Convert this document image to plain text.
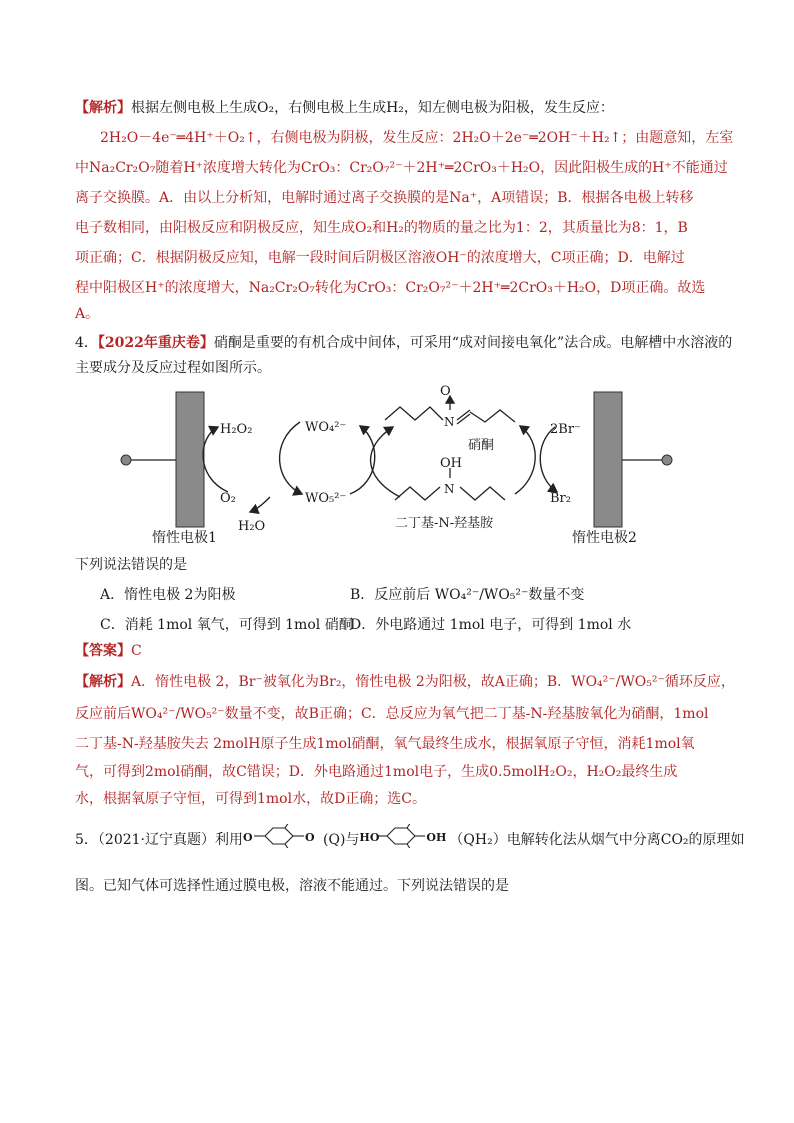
【解析】根据左侧电极上生成O₂，右侧电极上生成H₂，知左侧电极为阳极，发生反应：
2H₂O－4e⁻═4H⁺＋O₂↑，右侧电极为阴极，发生反应：2H₂O＋2e⁻═2OH⁻＋H₂↑；由题意知，左室
中Na₂Cr₂O₇随着H⁺浓度增大转化为CrO₃：Cr₂O₇²⁻＋2H⁺═2CrO₃＋H₂O，因此阳极生成的H⁺不能通过
离子交换膜。A．由以上分析知，电解时通过离子交换膜的是Na⁺，A项错误；B．根据各电极上转移
电子数相同，由阳极反应和阴极反应，知生成O₂和H₂的物质的量之比为1：2，其质量比为8：1，B
项正确；C．根据阴极反应知，电解一段时间后阴极区溶液OH⁻的浓度增大，C项正确；D．电解过
程中阳极区H⁺的浓度增大，Na₂Cr₂O₇转化为CrO₃：Cr₂O₇²⁻＋2H⁺═2CrO₃＋H₂O，D项正确。故选
A。
4．【2022年重庆卷】硝酮是重要的有机合成中间体，可采用“成对间接电氧化”法合成。电解槽中水溶液的
主要成分及反应过程如图所示。
H₂O₂
O₂
H₂O
WO₄²⁻
WO₅²⁻
O
N
硝酮
OH
N
二丁基-N-羟基胺
2Br⁻
Br₂
惰性电极1	惰性电极2
下列说法错误的是
A．惰性电极 2为阳极	B．反应前后 WO₄²⁻/WO₅²⁻数量不变
C．消耗 1mol 氧气，可得到 1mol 硝酮
D．外电路通过 1mol 电子，可得到 1mol 水
【答案】C
【解析】A．惰性电极 2，Br⁻被氧化为Br₂，惰性电极 2为阳极，故A正确；B．WO₄²⁻/WO₅²⁻循环反应，
反应前后WO₄²⁻/WO₅²⁻数量不变，故B正确；C．总反应为氧气把二丁基-N-羟基胺氧化为硝酮，1mol
二丁基-N-羟基胺失去 2molH原子生成1mol硝酮，氧气最终生成水，根据氧原子守恒，消耗1mol氧
气，可得到2mol硝酮，故C错误；D．外电路通过1mol电子，生成0.5molH₂O₂，H₂O₂最终生成
水，根据氧原子守恒，可得到1mol水，故D正确；选C。
5．（2021·辽宁真题）利用 O	O (Q)与 HO	OH （QH₂）电解转化法从烟气中分离CO₂的原理如
图。已知气体可选择性通过膜电极，溶液不能通过。下列说法错误的是
